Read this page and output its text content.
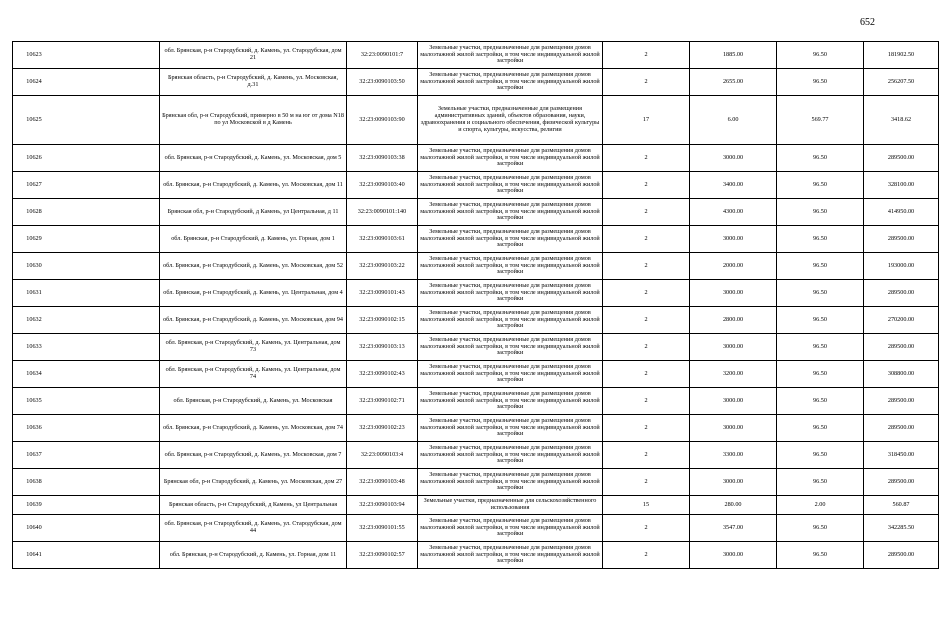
652
10623		обл. Брянская, р-н Стародубский, д. Камень, ул. Стародубская, дом 21	32:23:0090101:7	Земельные участки, предназначенные для размещения домов малоэтажной жилой застройки, в том числе индивидуальной жилой застройки	2	1885.00	96.50	181902.50
10624		Брянская область, р-н Стародубский, д. Камень, ул. Московская, д.31	32:23:0090103:50	Земельные участки, предназначенные для размещения домов малоэтажной жилой застройки, в том числе индивидуальной жилой застройки	2	2655.00	96.50	256207.50
10625		Брянская обл, р-н Стародубский, примерно в 50 м на юг от дома N18 по ул Московской в д Камень	32:23:0090103:90	Земельные участки, предназначенные для размещения административных зданий, объектов образования, науки, здравоохранения и социального обеспечения, физической культуры и спорта, культуры, искусства, религии	17	6.00	569.77	3418.62
10626		обл. Брянская, р-н Стародубский, д. Камень, ул. Московская, дом 5	32:23:0090103:38	Земельные участки, предназначенные для размещения домов малоэтажной жилой застройки, в том числе индивидуальной жилой застройки	2	3000.00	96.50	289500.00
10627		обл. Брянская, р-н Стародубский, д. Камень, ул. Московская, дом 11	32:23:0090103:40	Земельные участки, предназначенные для размещения домов малоэтажной жилой застройки, в том числе индивидуальной жилой застройки	2	3400.00	96.50	328100.00
10628		Брянская обл, р-н Стародубский, д Камень, ул Центральная, д 11	32:23:0090101:140	Земельные участки, предназначенные для размещения домов малоэтажной жилой застройки, в том числе индивидуальной жилой застройки	2	4300.00	96.50	414950.00
10629		обл. Брянская, р-н Стародубский, д. Камень, ул. Горная, дом 1	32:23:0090103:61	Земельные участки, предназначенные для размещения домов малоэтажной жилой застройки, в том числе индивидуальной жилой застройки	2	3000.00	96.50	289500.00
10630		обл. Брянская, р-н Стародубский, д. Камень, ул. Московская, дом 52	32:23:0090103:22	Земельные участки, предназначенные для размещения домов малоэтажной жилой застройки, в том числе индивидуальной жилой застройки	2	2000.00	96.50	193000.00
10631		обл. Брянская, р-н Стародубский, д. Камень, ул. Центральная, дом 4	32:23:0090101:43	Земельные участки, предназначенные для размещения домов малоэтажной жилой застройки, в том числе индивидуальной жилой застройки	2	3000.00	96.50	289500.00
10632		обл. Брянская, р-н Стародубский, д. Камень, ул. Московская, дом 94	32:23:0090102:15	Земельные участки, предназначенные для размещения домов малоэтажной жилой застройки, в том числе индивидуальной жилой застройки	2	2800.00	96.50	270200.00
10633		обл. Брянская, р-н Стародубский, д. Камень, ул. Центральная, дом 73	32:23:0090103:13	Земельные участки, предназначенные для размещения домов малоэтажной жилой застройки, в том числе индивидуальной жилой застройки	2	3000.00	96.50	289500.00
10634		обл. Брянская, р-н Стародубский, д. Камень, ул. Центральная, дом 74	32:23:0090102:43	Земельные участки, предназначенные для размещения домов малоэтажной жилой застройки, в том числе индивидуальной жилой застройки	2	3200.00	96.50	308800.00
10635		обл. Брянская, р-н Стародубский, д. Камень, ул. Московская	32:23:0090102:71	Земельные участки, предназначенные для размещения домов малоэтажной жилой застройки, в том числе индивидуальной жилой застройки	2	3000.00	96.50	289500.00
10636		обл. Брянская, р-н Стародубский, д. Камень, ул. Московская, дом 74	32:23:0090102:23	Земельные участки, предназначенные для размещения домов малоэтажной жилой застройки, в том числе индивидуальной жилой застройки	2	3000.00	96.50	289500.00
10637		обл. Брянская, р-н Стародубский, д. Камень, ул. Московская, дом 7	32:23:0090103:4	Земельные участки, предназначенные для размещения домов малоэтажной жилой застройки, в том числе индивидуальной жилой застройки	2	3300.00	96.50	318450.00
10638		Брянская обл, р-н Стародубский, д. Камень, ул. Московская, дом 27	32:23:0090103:48	Земельные участки, предназначенные для размещения домов малоэтажной жилой застройки, в том числе индивидуальной жилой застройки	2	3000.00	96.50	289500.00
10639		Брянская область, р-н Стародубский, д Камень, ул Центральная	32:23:0090103:94	Земельные участки, предназначенные для сельскохозяйственного использования	15	280.00	2.00	560.87
10640		обл. Брянская, р-н Стародубский, д. Камень, ул. Стародубская, дом 44	32:23:0090101:55	Земельные участки, предназначенные для размещения домов малоэтажной жилой застройки, в том числе индивидуальной жилой застройки	2	3547.00	96.50	342285.50
10641		обл. Брянская, р-н Стародубский, д. Камень, ул. Горная, дом 11	32:23:0090102:57	Земельные участки, предназначенные для размещения домов малоэтажной жилой застройки, в том числе индивидуальной жилой застройки	2	3000.00	96.50	289500.00
